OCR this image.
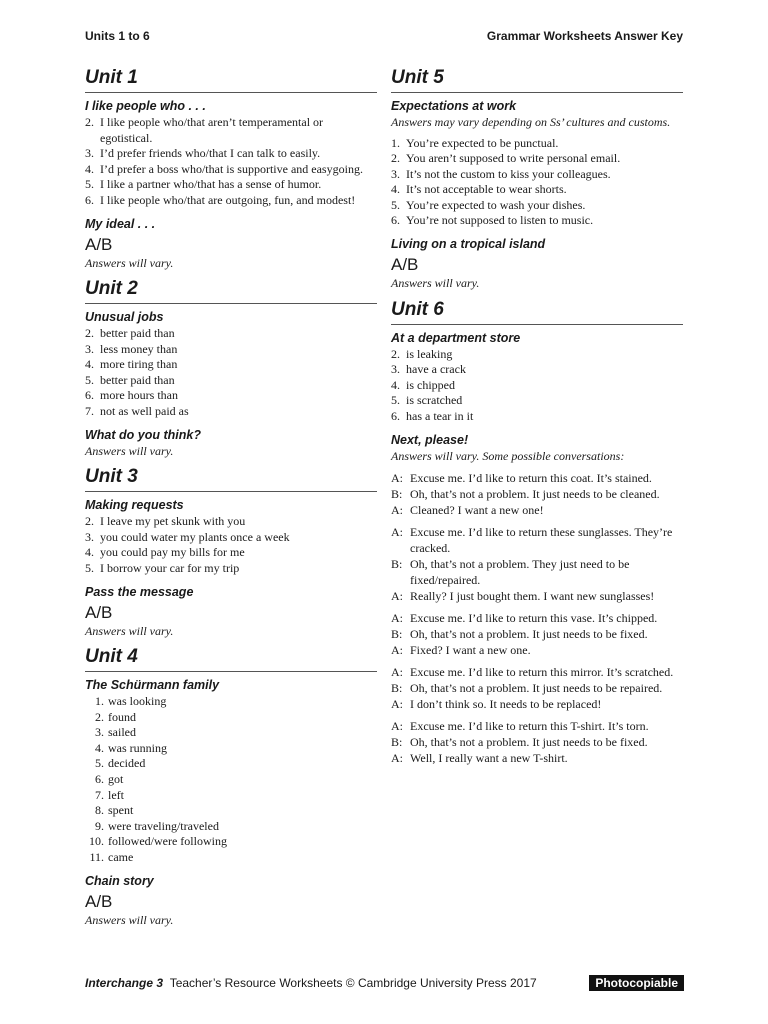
Units 1 to 6	Grammar Worksheets Answer Key
Unit 1
I like people who . . .
2. I like people who/that aren’t temperamental or egotistical.
3. I’d prefer friends who/that I can talk to easily.
4. I’d prefer a boss who/that is supportive and easygoing.
5. I like a partner who/that has a sense of humor.
6. I like people who/that are outgoing, fun, and modest!
My ideal . . .
A/B
Answers will vary.
Unit 2
Unusual jobs
2. better paid than
3. less money than
4. more tiring than
5. better paid than
6. more hours than
7. not as well paid as
What do you think?
Answers will vary.
Unit 3
Making requests
2. I leave my pet skunk with you
3. you could water my plants once a week
4. you could pay my bills for me
5. I borrow your car for my trip
Pass the message
A/B
Answers will vary.
Unit 4
The Schürmann family
1. was looking
2. found
3. sailed
4. was running
5. decided
6. got
7. left
8. spent
9. were traveling/traveled
10. followed/were following
11. came
Chain story
A/B
Answers will vary.
Unit 5
Expectations at work
Answers may vary depending on Ss’ cultures and customs.
1. You’re expected to be punctual.
2. You aren’t supposed to write personal email.
3. It’s not the custom to kiss your colleagues.
4. It’s not acceptable to wear shorts.
5. You’re expected to wash your dishes.
6. You’re not supposed to listen to music.
Living on a tropical island
A/B
Answers will vary.
Unit 6
At a department store
2. is leaking
3. have a crack
4. is chipped
5. is scratched
6. has a tear in it
Next, please!
Answers will vary. Some possible conversations:
A: Excuse me. I’d like to return this coat. It’s stained.
B: Oh, that’s not a problem. It just needs to be cleaned.
A: Cleaned? I want a new one!
A: Excuse me. I’d like to return these sunglasses. They’re cracked.
B: Oh, that’s not a problem. They just need to be fixed/repaired.
A: Really? I just bought them. I want new sunglasses!
A: Excuse me. I’d like to return this vase. It’s chipped.
B: Oh, that’s not a problem. It just needs to be fixed.
A: Fixed? I want a new one.
A: Excuse me. I’d like to return this mirror. It’s scratched.
B: Oh, that’s not a problem. It just needs to be repaired.
A: I don’t think so. It needs to be replaced!
A: Excuse me. I’d like to return this T-shirt. It’s torn.
B: Oh, that’s not a problem. It just needs to be fixed.
A: Well, I really want a new T-shirt.
Interchange 3 Teacher’s Resource Worksheets © Cambridge University Press 2017	Photocopiable
